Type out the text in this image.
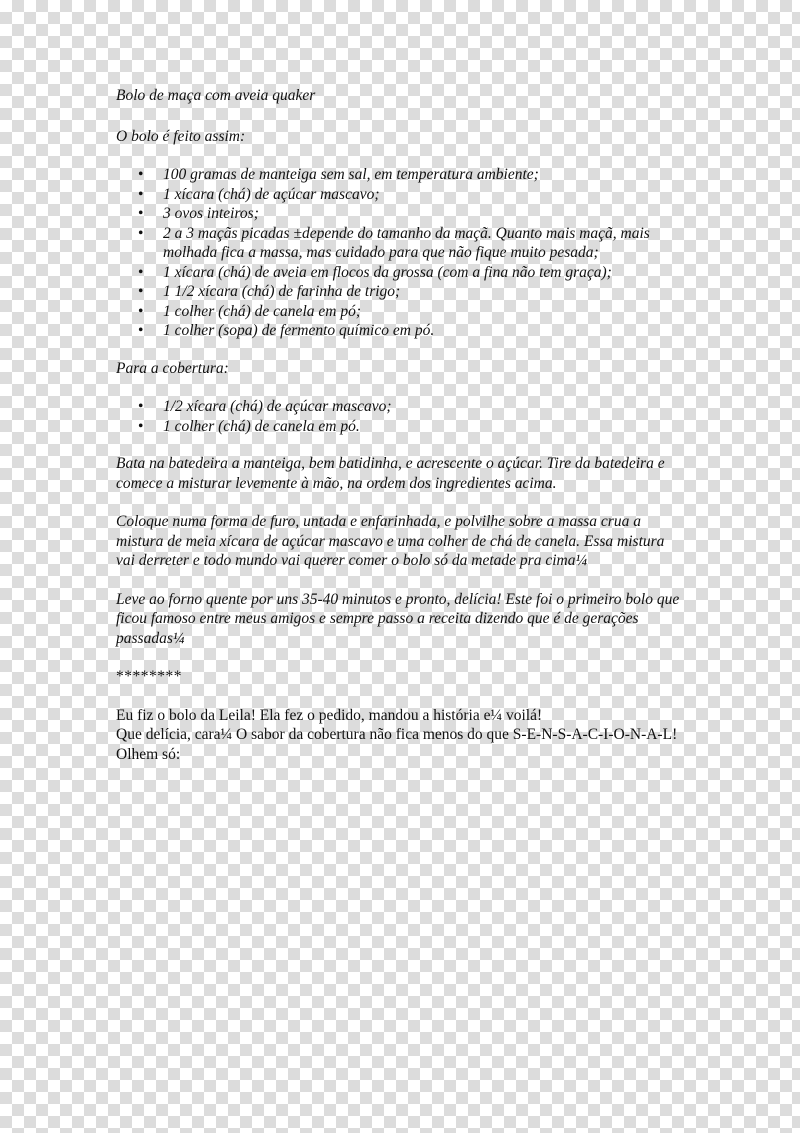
Bolo de maça com aveia quaker

O bolo é feito assim:

• 100 gramas de manteiga sem sal, em temperatura ambiente;
• 1 xícara (chá) de açúcar mascavo;
• 3 ovos inteiros;
• 2 a 3 maçãs picadas ±depende do tamanho da maçã. Quanto mais maçã, mais molhada fica a massa, mas cuidado para que não fique muito pesada;
• 1 xícara (chá) de aveia em flocos da grossa (com a fina não tem graça);
• 1 1/2 xícara (chá) de farinha de trigo;
• 1 colher (chá) de canela em pó;
• 1 colher (sopa) de fermento químico em pó.

Para a cobertura:

• 1/2 xícara (chá) de açúcar mascavo;
• 1 colher (chá) de canela em pó.

Bata na batedeira a manteiga, bem batidinha, e acrescente o açúcar. Tire da batedeira e comece a misturar levemente à mão, na ordem dos ingredientes acima.

Coloque numa forma de furo, untada e enfarinhada, e polvilhe sobre a massa crua a mistura de meia xícara de açúcar mascavo e uma colher de chá de canela. Essa mistura vai derreter e todo mundo vai querer comer o bolo só da metade pra cima¼

Leve ao forno quente por uns 35-40 minutos e pronto, delícia! Este foi o primeiro bolo que ficou famoso entre meus amigos e sempre passo a receita dizendo que é de gerações passadas¼

********

Eu fiz o bolo da Leila! Ela fez o pedido, mandou a história e¼ voilá!

Que delícia, cara¼ O sabor da cobertura não fica menos do que S-E-N-S-A-C-I-O-N-A-L!

Olhem só:
